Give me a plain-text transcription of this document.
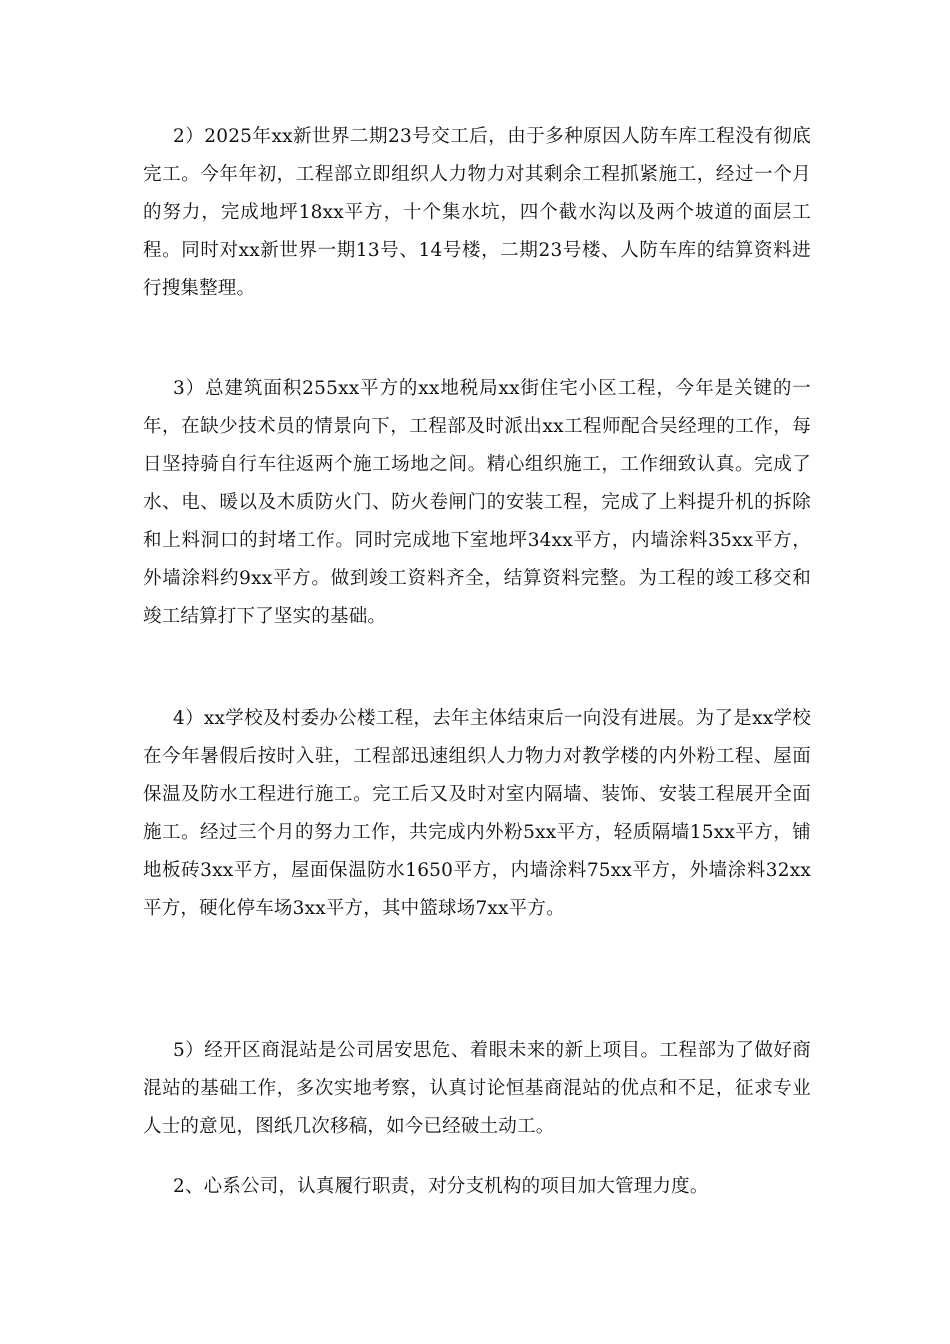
2）2025年xx新世界二期23号交工后，由于多种原因人防车库工程没有彻底完工。今年年初，工程部立即组织人力物力对其剩余工程抓紧施工，经过一个月的努力，完成地坪18xx平方，十个集水坑，四个截水沟以及两个坡道的面层工程。同时对xx新世界一期13号、14号楼，二期23号楼、人防车库的结算资料进行搜集整理。

3）总建筑面积255xx平方的xx地税局xx街住宅小区工程，今年是关键的一年，在缺少技术员的情景向下，工程部及时派出xx工程师配合吴经理的工作，每日坚持骑自行车往返两个施工场地之间。精心组织施工，工作细致认真。完成了水、电、暖以及木质防火门、防火卷闸门的安装工程，完成了上料提升机的拆除和上料洞口的封堵工作。同时完成地下室地坪34xx平方，内墙涂料35xx平方，外墙涂料约9xx平方。做到竣工资料齐全，结算资料完整。为工程的竣工移交和竣工结算打下了坚实的基础。

4）xx学校及村委办公楼工程，去年主体结束后一向没有进展。为了是xx学校在今年暑假后按时入驻，工程部迅速组织人力物力对教学楼的内外粉工程、屋面保温及防水工程进行施工。完工后又及时对室内隔墙、装饰、安装工程展开全面施工。经过三个月的努力工作，共完成内外粉5xx平方，轻质隔墙15xx平方，铺地板砖3xx平方，屋面保温防水1650平方，内墙涂料75xx平方，外墙涂料32xx平方，硬化停车场3xx平方，其中篮球场7xx平方。

5）经开区商混站是公司居安思危、着眼未来的新上项目。工程部为了做好商混站的基础工作，多次实地考察，认真讨论恒基商混站的优点和不足，征求专业人士的意见，图纸几次移稿，如今已经破土动工。

2、心系公司，认真履行职责，对分支机构的项目加大管理力度。
